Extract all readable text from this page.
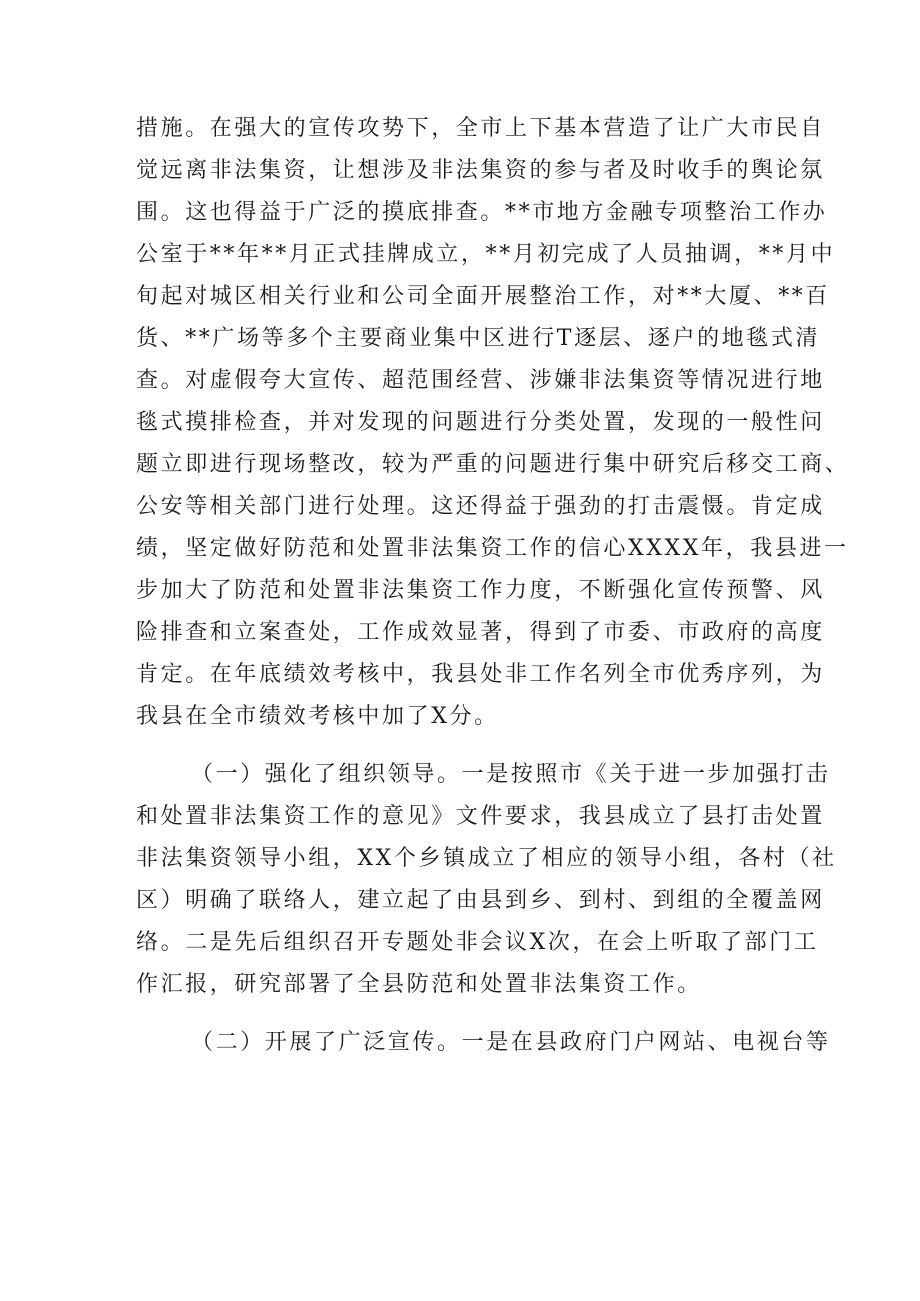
措施。在强大的宣传攻势下，全市上下基本营造了让广大市民自
觉远离非法集资，让想涉及非法集资的参与者及时收手的舆论氛
围。这也得益于广泛的摸底排查。**市地方金融专项整治工作办
公室于**年**月正式挂牌成立，**月初完成了人员抽调，**月中
旬起对城区相关行业和公司全面开展整治工作，对**大厦、**百
货、**广场等多个主要商业集中区进行T逐层、逐户的地毯式清
查。对虚假夸大宣传、超范围经营、涉嫌非法集资等情况进行地
毯式摸排检查，并对发现的问题进行分类处置，发现的一般性问
题立即进行现场整改，较为严重的问题进行集中研究后移交工商、
公安等相关部门进行处理。这还得益于强劲的打击震慑。肯定成
绩，坚定做好防范和处置非法集资工作的信心XXXX年，我县进一
步加大了防范和处置非法集资工作力度，不断强化宣传预警、风
险排查和立案查处，工作成效显著，得到了市委、市政府的高度
肯定。在年底绩效考核中，我县处非工作名列全市优秀序列，为
我县在全市绩效考核中加了X分。
（一）强化了组织领导。一是按照市《关于进一步加强打击
和处置非法集资工作的意见》文件要求，我县成立了县打击处置
非法集资领导小组，XX个乡镇成立了相应的领导小组，各村（社
区）明确了联络人，建立起了由县到乡、到村、到组的全覆盖网
络。二是先后组织召开专题处非会议X次，在会上听取了部门工
作汇报，研究部署了全县防范和处置非法集资工作。
（二）开展了广泛宣传。一是在县政府门户网站、电视台等
